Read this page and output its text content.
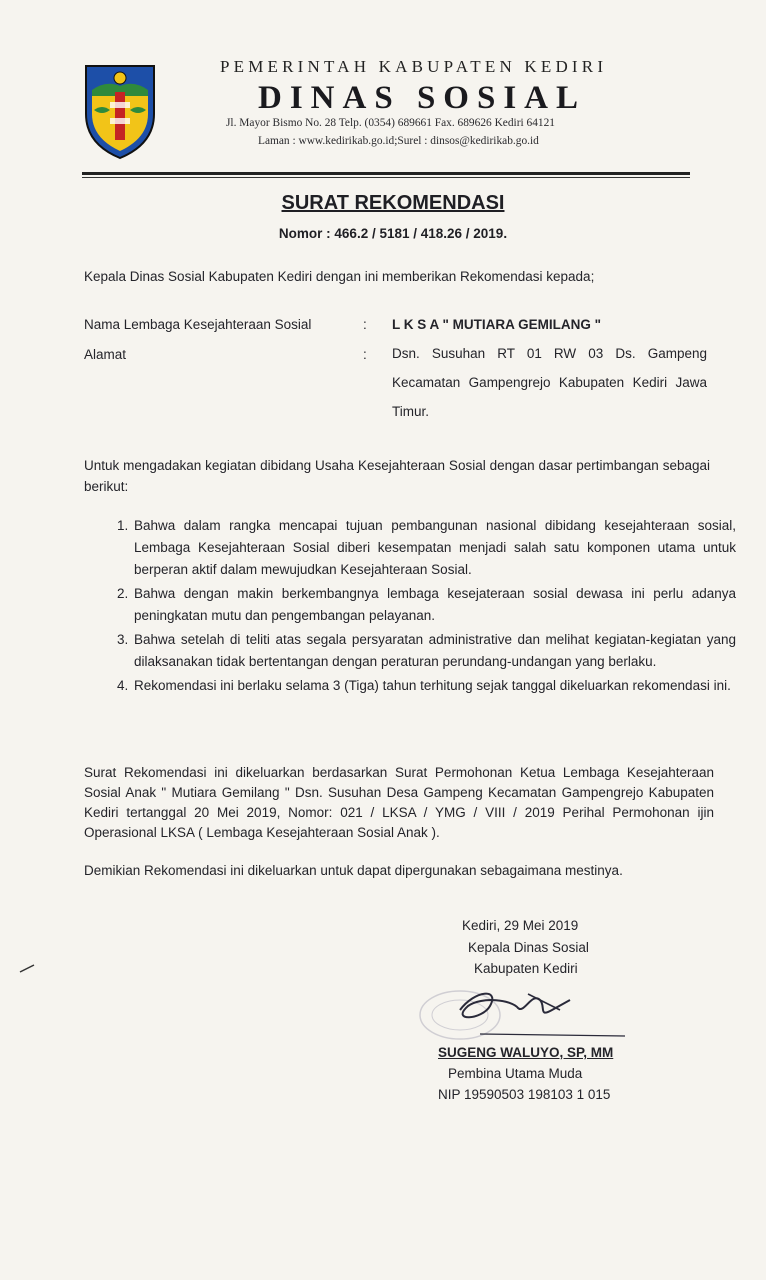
PEMERINTAH KABUPATEN KEDIRI
DINAS SOSIAL
Jl. Mayor Bismo No. 28 Telp. (0354) 689661 Fax. 689626 Kediri 64121
Laman : www.kedirikab.go.id;Surel : dinsos@kedirikab.go.id
SURAT REKOMENDASI
Nomor : 466.2 / 5181 / 418.26 / 2019.
Kepala Dinas Sosial Kabupaten Kediri dengan ini memberikan Rekomendasi kepada;
Nama Lembaga Kesejahteraan Sosial	: L K S A " MUTIARA GEMILANG "
Alamat	: Dsn. Susuhan RT 01 RW 03 Ds. Gampeng Kecamatan Gampengrejo Kabupaten Kediri Jawa Timur.
Untuk mengadakan kegiatan dibidang Usaha Kesejahteraan Sosial dengan dasar pertimbangan sebagai berikut:
1. Bahwa dalam rangka mencapai tujuan pembangunan nasional dibidang kesejahteraan sosial, Lembaga Kesejahteraan Sosial diberi kesempatan menjadi salah satu komponen utama untuk berperan aktif dalam mewujudkan Kesejahteraan Sosial.
2. Bahwa dengan makin berkembangnya lembaga kesejateraan sosial dewasa ini perlu adanya peningkatan mutu dan pengembangan pelayanan.
3. Bahwa setelah di teliti atas segala persyaratan administrative dan melihat kegiatan-kegiatan yang dilaksanakan tidak bertentangan dengan peraturan perundang-undangan yang berlaku.
4. Rekomendasi ini berlaku selama 3 (Tiga) tahun terhitung sejak tanggal dikeluarkan rekomendasi ini.
Surat Rekomendasi ini dikeluarkan berdasarkan Surat Permohonan Ketua Lembaga Kesejahteraan Sosial Anak " Mutiara Gemilang " Dsn. Susuhan Desa Gampeng Kecamatan Gampengrejo Kabupaten Kediri tertanggal 20 Mei 2019, Nomor: 021 / LKSA / YMG / VIII / 2019 Perihal Permohonan ijin Operasional LKSA ( Lembaga Kesejahteraan Sosial Anak ).
Demikian Rekomendasi ini dikeluarkan untuk dapat dipergunakan sebagaimana mestinya.
Kediri, 29 Mei 2019
Kepala Dinas Sosial
Kabupaten Kediri
SUGENG WALUYO, SP, MM
Pembina Utama Muda
NIP 19590503 198103 1 015
